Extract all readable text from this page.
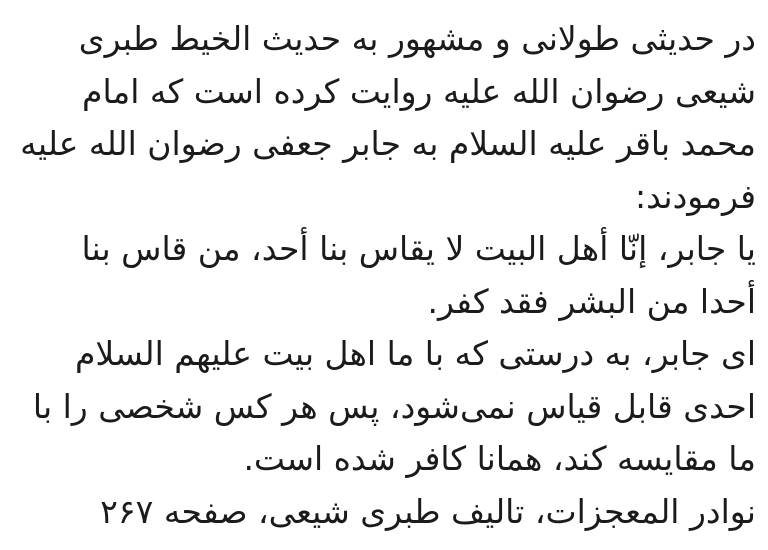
در حدیثی طولانی و مشهور به حدیث الخیط طبری

شیعی رضوان الله علیه روایت کرده است که امام

محمد باقر علیه السلام به جابر جعفی رضوان الله علیه

فرمودند:

یا جابر، إنّا أهل البیت لا یقاس بنا أحد، من قاس بنا

أحدا من البشر فقد کفر.

ای جابر، به درستی که با ما اهل بیت علیهم السلام

احدی قابل قیاس نمی‌شود، پس هر کس شخصی را با

ما مقایسه کند، همانا کافر شده است.

نوادر المعجزات، تالیف طبری شیعی، صفحه ۲۶۷
